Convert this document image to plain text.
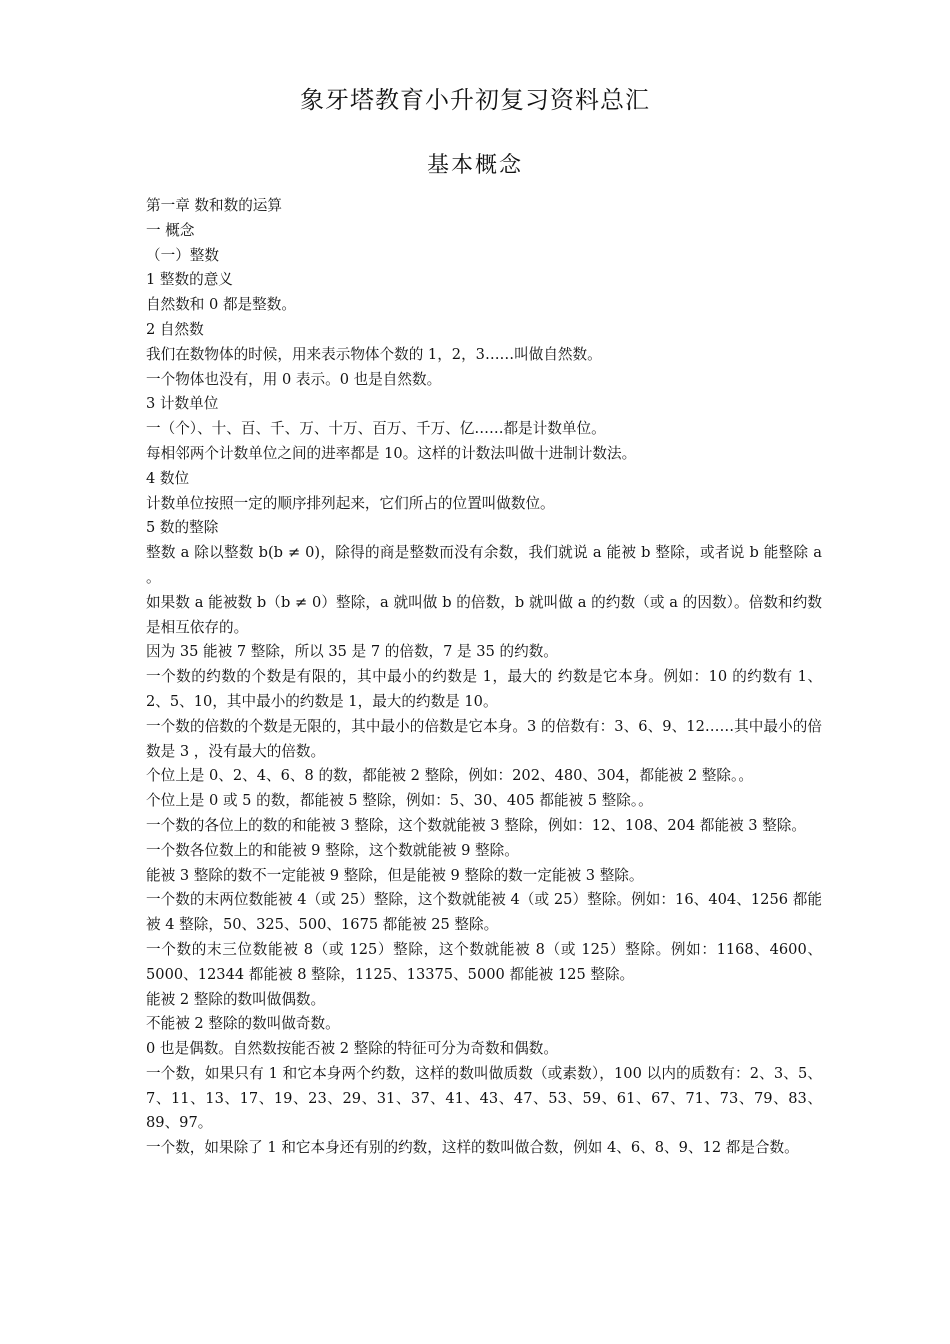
象牙塔教育小升初复习资料总汇
基本概念

第一章 数和数的运算

一 概念

（一）整数

1 整数的意义

自然数和 0 都是整数。

2 自然数

我们在数物体的时候，用来表示物体个数的 1，2，3……叫做自然数。

一个物体也没有，用 0 表示。0 也是自然数。

3 计数单位

一（个）、十、百、千、万、十万、百万、千万、亿……都是计数单位。

每相邻两个计数单位之间的进率都是 10。这样的计数法叫做十进制计数法。

4 数位

计数单位按照一定的顺序排列起来，它们所占的位置叫做数位。

5 数的整除

整数 a 除以整数 b(b ≠ 0)，除得的商是整数而没有余数，我们就说 a 能被 b 整除，或者说 b 能整除 a 。

如果数 a 能被数 b（b ≠ 0）整除，a 就叫做 b 的倍数，b 就叫做 a 的约数（或 a 的因数）。倍数和约数是相互依存的。

因为 35 能被 7 整除，所以 35 是 7 的倍数，7 是 35 的约数。

一个数的约数的个数是有限的，其中最小的约数是 1，最大的 约数是它本身。例如：10 的约数有 1、2、5、10，其中最小的约数是 1，最大的约数是 10。

一个数的倍数的个数是无限的，其中最小的倍数是它本身。3 的倍数有：3、6、9、12……其中最小的倍数是 3 ，没有最大的倍数。

个位上是 0、2、4、6、8 的数，都能被 2 整除，例如：202、480、304，都能被 2 整除。。

个位上是 0 或 5 的数，都能被 5 整除，例如：5、30、405 都能被 5 整除。。

一个数的各位上的数的和能被 3 整除，这个数就能被 3 整除，例如：12、108、204 都能被 3 整除。

一个数各位数上的和能被 9 整除，这个数就能被 9 整除。

能被 3 整除的数不一定能被 9 整除，但是能被 9 整除的数一定能被 3 整除。

一个数的末两位数能被 4（或 25）整除，这个数就能被 4（或 25）整除。例如：16、404、1256 都能被 4 整除，50、325、500、1675 都能被 25 整除。

一个数的末三位数能被 8（或 125）整除，这个数就能被 8（或 125）整除。例如：1168、4600、5000、12344 都能被 8 整除，1125、13375、5000 都能被 125 整除。

能被 2 整除的数叫做偶数。

不能被 2 整除的数叫做奇数。

0 也是偶数。自然数按能否被 2 整除的特征可分为奇数和偶数。

一个数，如果只有 1 和它本身两个约数，这样的数叫做质数（或素数），100 以内的质数有：2、3、5、7、11、13、17、19、23、29、31、37、41、43、47、53、59、61、67、71、73、79、83、89、97。

一个数，如果除了 1 和它本身还有别的约数，这样的数叫做合数，例如 4、6、8、9、12 都是合数。
